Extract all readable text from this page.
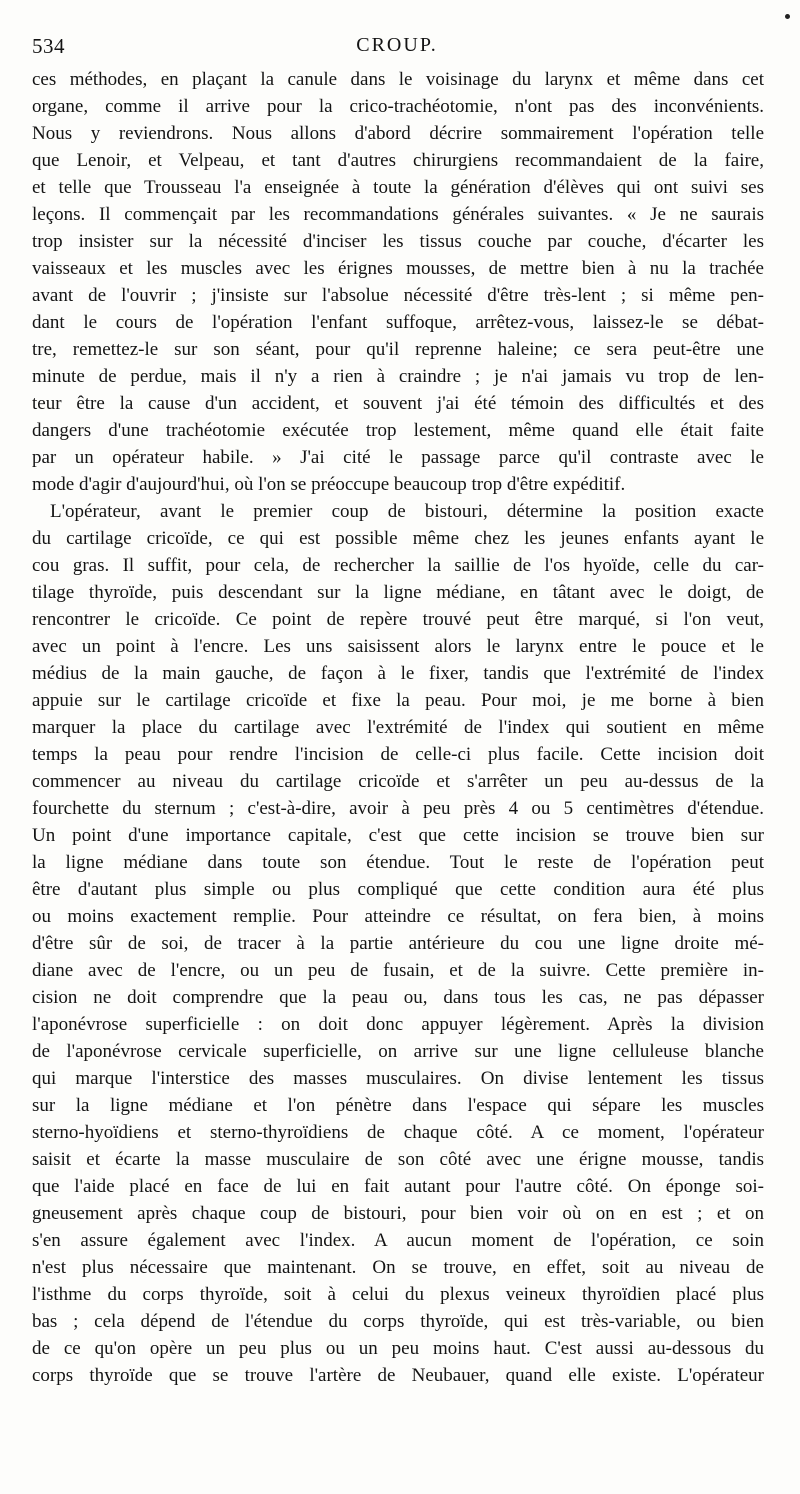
534	CROUP.
ces méthodes, en plaçant la canule dans le voisinage du larynx et même dans cet
organe, comme il arrive pour la crico-trachéotomie, n'ont pas des inconvénients.
Nous y reviendrons. Nous allons d'abord décrire sommairement l'opération telle
que Lenoir, et Velpeau, et tant d'autres chirurgiens recommandaient de la faire,
et telle que Trousseau l'a enseignée à toute la génération d'élèves qui ont suivi ses
leçons. Il commençait par les recommandations générales suivantes. « Je ne saurais
trop insister sur la nécessité d'inciser les tissus couche par couche, d'écarter les
vaisseaux et les muscles avec les érignes mousses, de mettre bien à nu la trachée
avant de l'ouvrir ; j'insiste sur l'absolue nécessité d'être très-lent ; si même pen-
dant le cours de l'opération l'enfant suffoque, arrêtez-vous, laissez-le se débat-
tre, remettez-le sur son séant, pour qu'il reprenne haleine; ce sera peut-être une
minute de perdue, mais il n'y a rien à craindre ; je n'ai jamais vu trop de len-
teur être la cause d'un accident, et souvent j'ai été témoin des difficultés et des
dangers d'une trachéotomie exécutée trop lestement, même quand elle était faite
par un opérateur habile. » J'ai cité le passage parce qu'il contraste avec le
mode d'agir d'aujourd'hui, où l'on se préoccupe beaucoup trop d'être expéditif.
L'opérateur, avant le premier coup de bistouri, détermine la position exacte
du cartilage cricoïde, ce qui est possible même chez les jeunes enfants ayant le
cou gras. Il suffit, pour cela, de rechercher la saillie de l'os hyoïde, celle du car-
tilage thyroïde, puis descendant sur la ligne médiane, en tâtant avec le doigt, de
rencontrer le cricoïde. Ce point de repère trouvé peut être marqué, si l'on veut,
avec un point à l'encre. Les uns saisissent alors le larynx entre le pouce et le
médius de la main gauche, de façon à le fixer, tandis que l'extrémité de l'index
appuie sur le cartilage cricoïde et fixe la peau. Pour moi, je me borne à bien
marquer la place du cartilage avec l'extrémité de l'index qui soutient en même
temps la peau pour rendre l'incision de celle-ci plus facile. Cette incision doit
commencer au niveau du cartilage cricoïde et s'arrêter un peu au-dessus de la
fourchette du sternum ; c'est-à-dire, avoir à peu près 4 ou 5 centimètres d'étendue.
Un point d'une importance capitale, c'est que cette incision se trouve bien sur
la ligne médiane dans toute son étendue. Tout le reste de l'opération peut
être d'autant plus simple ou plus compliqué que cette condition aura été plus
ou moins exactement remplie. Pour atteindre ce résultat, on fera bien, à moins
d'être sûr de soi, de tracer à la partie antérieure du cou une ligne droite mé-
diane avec de l'encre, ou un peu de fusain, et de la suivre. Cette première in-
cision ne doit comprendre que la peau ou, dans tous les cas, ne pas dépasser
l'aponévrose superficielle : on doit donc appuyer légèrement. Après la division
de l'aponévrose cervicale superficielle, on arrive sur une ligne celluleuse blanche
qui marque l'interstice des masses musculaires. On divise lentement les tissus
sur la ligne médiane et l'on pénètre dans l'espace qui sépare les muscles
sterno-hyoïdiens et sterno-thyroïdiens de chaque côté. A ce moment, l'opérateur
saisit et écarte la masse musculaire de son côté avec une érigne mousse, tandis
que l'aide placé en face de lui en fait autant pour l'autre côté. On éponge soi-
gneusement après chaque coup de bistouri, pour bien voir où on en est ; et on
s'en assure également avec l'index. A aucun moment de l'opération, ce soin
n'est plus nécessaire que maintenant. On se trouve, en effet, soit au niveau de
l'isthme du corps thyroïde, soit à celui du plexus veineux thyroïdien placé plus
bas ; cela dépend de l'étendue du corps thyroïde, qui est très-variable, ou bien
de ce qu'on opère un peu plus ou un peu moins haut. C'est aussi au-dessous du
corps thyroïde que se trouve l'artère de Neubauer, quand elle existe. L'opérateur
